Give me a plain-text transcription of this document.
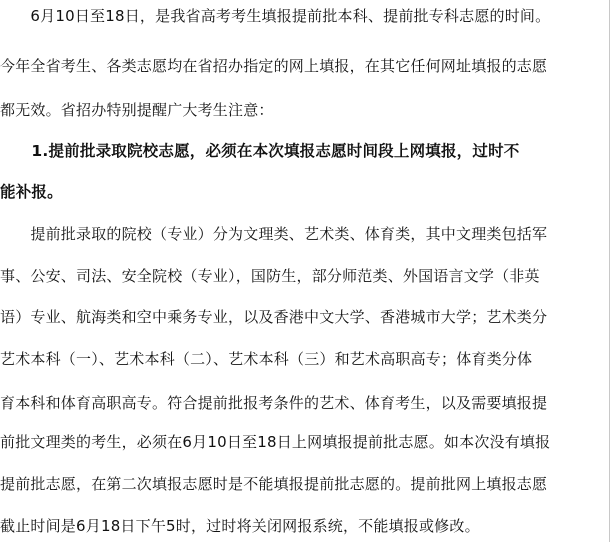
　　6月10日至18日，是我省高考考生填报提前批本科、提前批专科志愿的时间。
今年全省考生、各类志愿均在省招办指定的网上填报，在其它任何网址填报的志愿
都无效。省招办特别提醒广大考生注意：
　　1.提前批录取院校志愿，必须在本次填报志愿时间段上网填报，过时不
能补报。
　　提前批录取的院校（专业）分为文理类、艺术类、体育类，其中文理类包括军
事、公安、司法、安全院校（专业），国防生，部分师范类、外国语言文学（非英
语）专业、航海类和空中乘务专业，以及香港中文大学、香港城市大学；艺术类分
艺术本科（一）、艺术本科（二）、艺术本科（三）和艺术高职高专；体育类分体
育本科和体育高职高专。符合提前批报考条件的艺术、体育考生，以及需要填报提
前批文理类的考生，必须在6月10日至18日上网填报提前批志愿。如本次没有填报
提前批志愿，在第二次填报志愿时是不能填报提前批志愿的。提前批网上填报志愿
截止时间是6月18日下午5时，过时将关闭网报系统，不能填报或修改。
